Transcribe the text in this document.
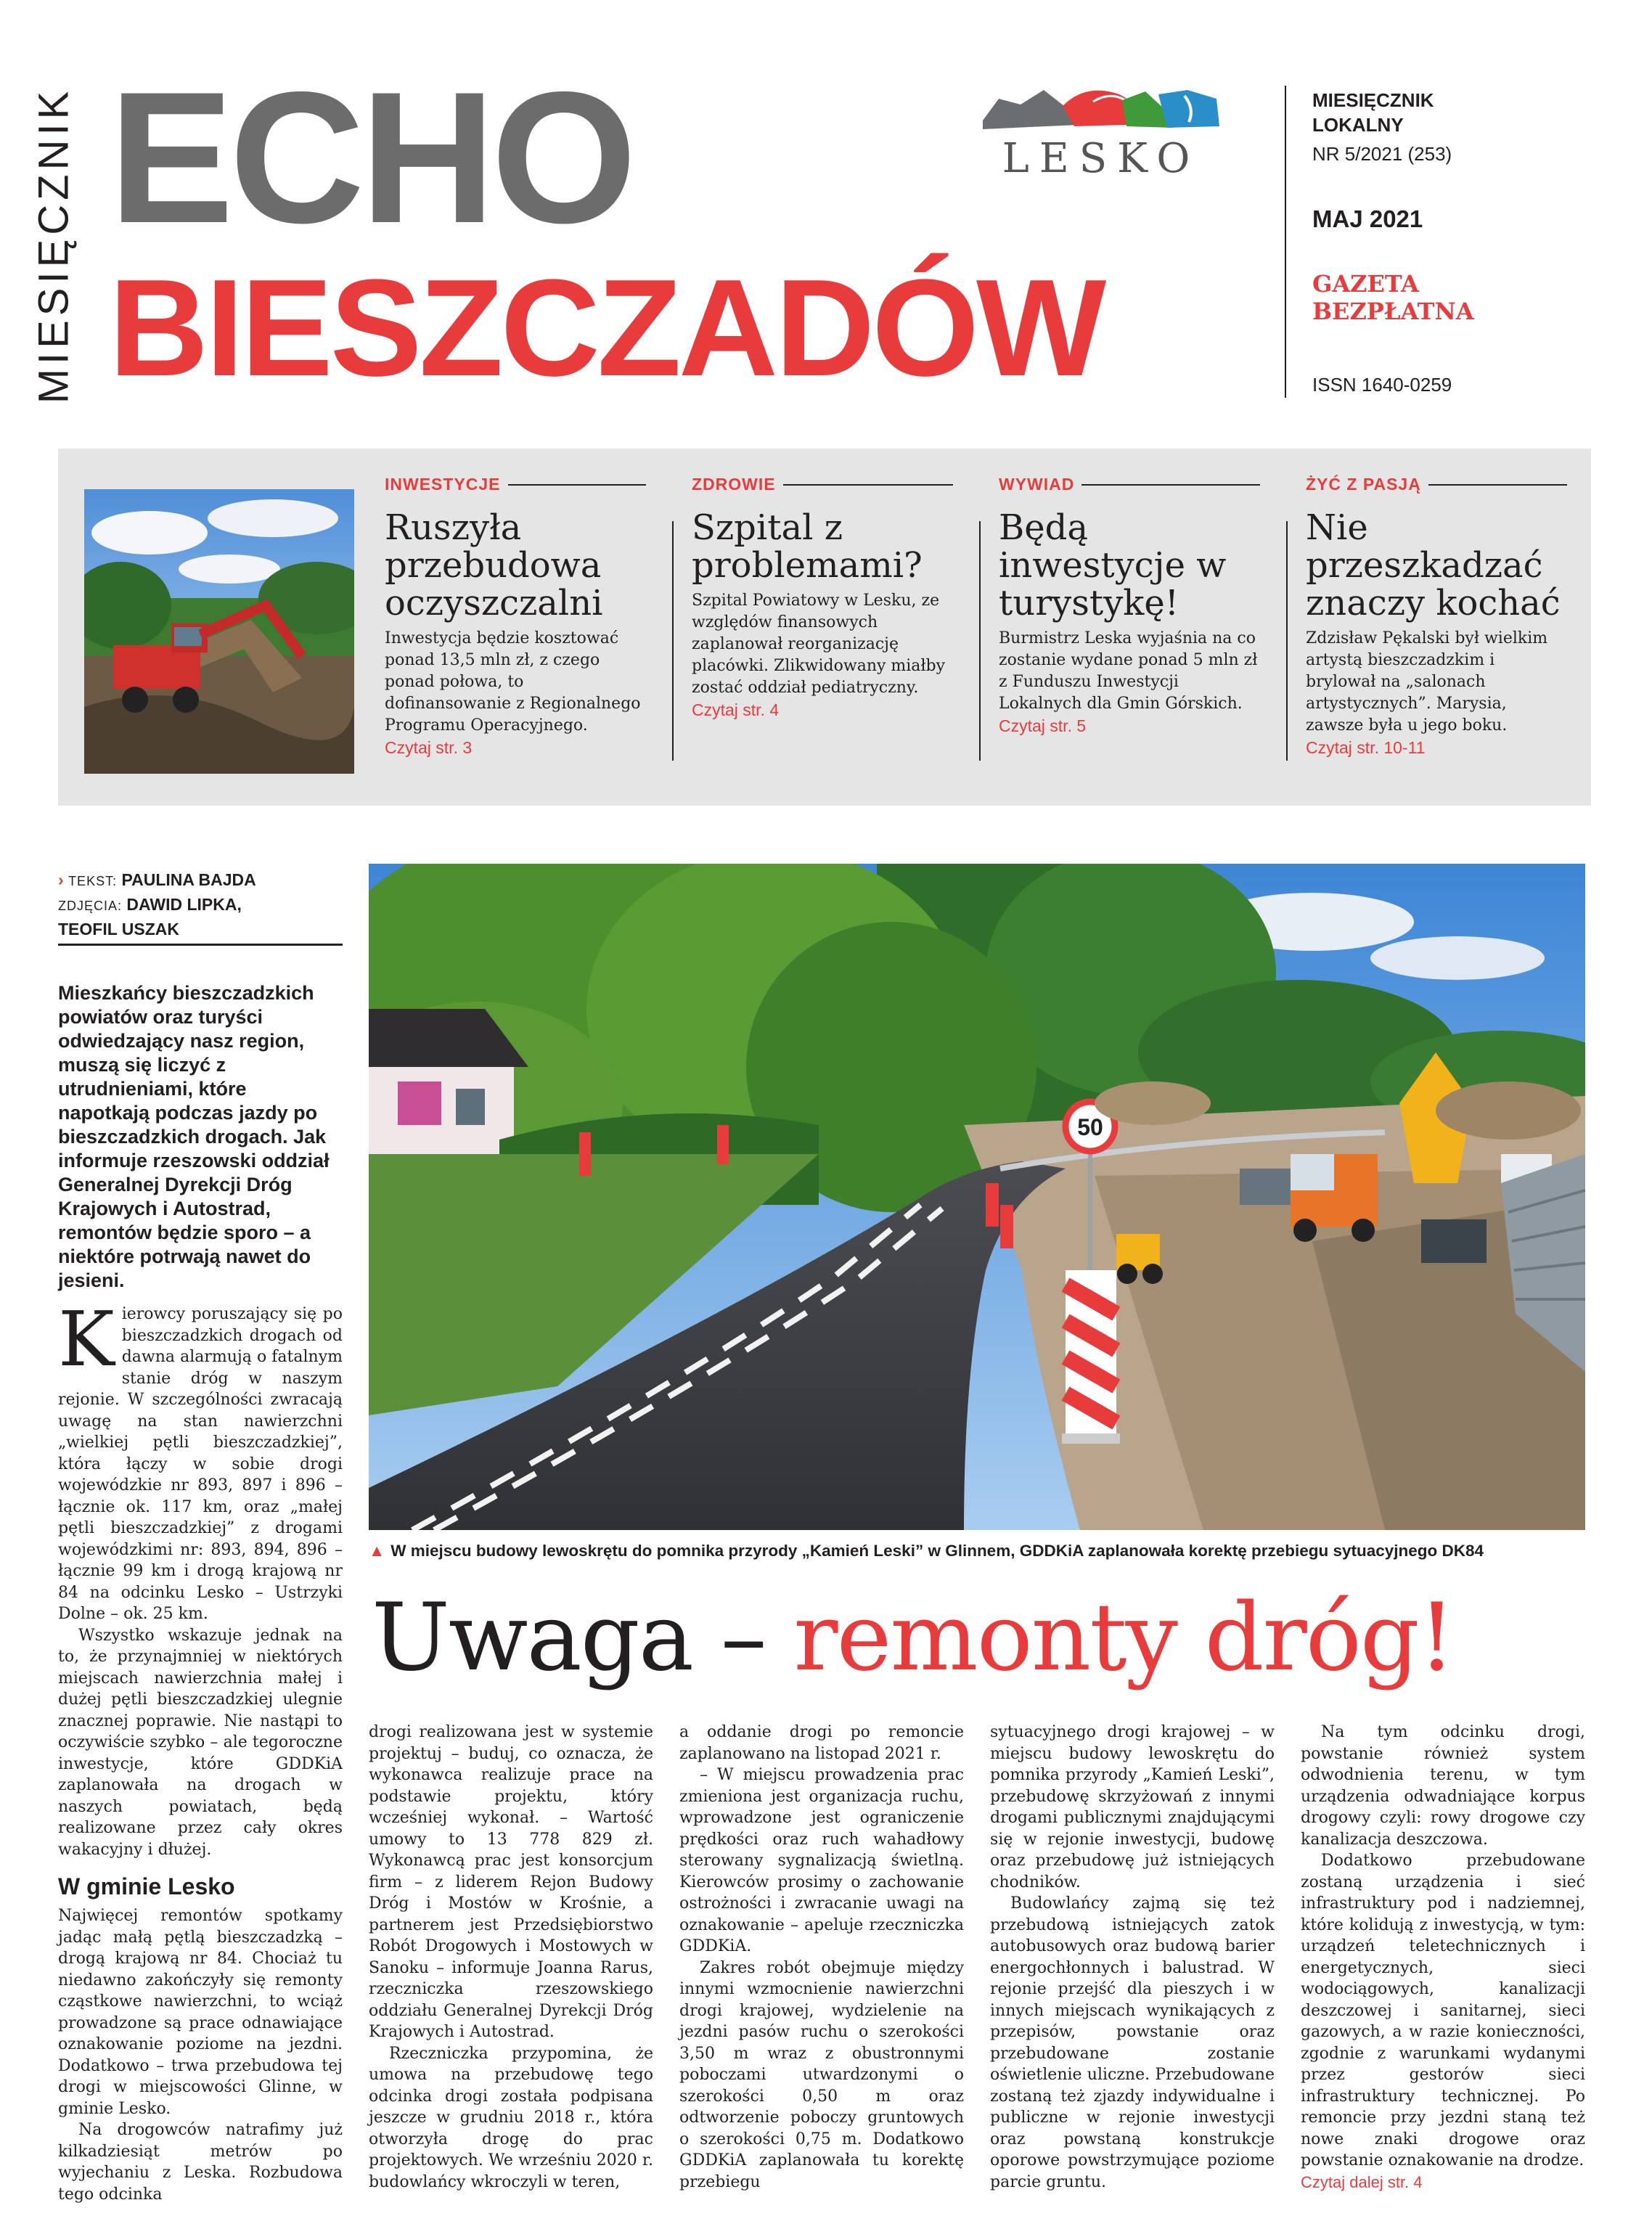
MIESIĘCZNIK ECHO
BIESZCZADÓW
LESKO
MIESIĘCZNIK
LOKALNY
NR 5/2021 (253)
MAJ 2021
GAZETA
BEZPŁATNA
ISSN 1640-0259
INWESTYCJE
Ruszyła przebudowa oczyszczalni

Inwestycja będzie kosztować ponad 13,5 mln zł, z czego ponad połowa, to dofinansowanie z Regionalnego Programu Operacyjnego.
Czytaj str. 3

ZDROWIE
Szpital z problemami?

Szpital Powiatowy w Lesku, ze względów finansowych zaplanował reorganizację placówki. Zlikwidowany miałby zostać oddział pediatryczny.
Czytaj str. 4

WYWIAD
Będą inwestycje w turystykę!

Burmistrz Leska wyjaśnia na co zostanie wydane ponad 5 mln zł z Funduszu Inwestycji Lokalnych dla Gmin Górskich.
Czytaj str. 5

ŻYĆ Z PASJĄ
Nie przeszkadzać znaczy kochać

Zdzisław Pękalski był wielkim artystą bieszczadzkim i brylował na „salonach artystycznych”. Marysia, zawsze była u jego boku.
Czytaj str. 10-11

› TEKST: PAULINA BAJDA
ZDJĘCIA: DAWID LIPKA,
TEOFIL USZAK
Mieszkańcy bieszczadzkich powiatów oraz turyści odwiedzający nasz region, muszą się liczyć z utrudnieniami, które napotkają podczas jazdy po bieszczadzkich drogach. Jak informuje rzeszowski oddział Generalnej Dyrekcji Dróg Krajowych i Autostrad, remontów będzie sporo – a niektóre potrwają nawet do jesieni.

Kierowcy poruszający się po bieszczadzkich drogach od dawna alarmują o fatalnym stanie dróg w naszym rejonie. W szczególności zwracają uwagę na stan nawierzchni „wielkiej pętli bieszczadzkiej”, która łączy w sobie drogi wojewódzkie nr 893, 897 i 896 – łącznie ok. 117 km, oraz „małej pętli bieszczadzkiej” z drogami wojewódzkimi nr: 893, 894, 896 – łącznie 99 km i drogą krajową nr 84 na odcinku Lesko – Ustrzyki Dolne – ok. 25 km.

Wszystko wskazuje jednak na to, że przynajmniej w niektórych miejscach nawierzchnia małej i dużej pętli bieszczadzkiej ulegnie znacznej poprawie. Nie nastąpi to oczywiście szybko – ale tegoroczne inwestycje, które GDDKiA zaplanowała na drogach w naszych powiatach, będą realizowane przez cały okres wakacyjny i dłużej.

W gminie Lesko

Najwięcej remontów spotkamy jadąc małą pętlą bieszczadzką – drogą krajową nr 84. Chociaż tu niedawno zakończyły się remonty cząstkowe nawierzchni, to wciąż prowadzone są prace odnawiające oznakowanie poziome na jezdni. Dodatkowo – trwa przebudowa tej drogi w miejscowości Glinne, w gminie Lesko.

Na drogowców natrafimy już kilkadziesiąt metrów po wyjechaniu z Leska. Rozbudowa tego odcinka

50
▲ W miejscu budowy lewoskrętu do pomnika przyrody „Kamień Leski” w Glinnem, GDDKiA zaplanowała korektę przebiegu sytuacyjnego DK84
Uwaga – remonty dróg!

drogi realizowana jest w systemie projektuj – buduj, co oznacza, że wykonawca realizuje prace na podstawie projektu, który wcześniej wykonał. – Wartość umowy to 13 778 829 zł. Wykonawcą prac jest konsorcjum firm – z liderem Rejon Budowy Dróg i Mostów w Krośnie, a partnerem jest Przedsiębiorstwo Robót Drogowych i Mostowych w Sanoku – informuje Joanna Rarus, rzeczniczka rzeszowskiego oddziału Generalnej Dyrekcji Dróg Krajowych i Autostrad.

Rzeczniczka przypomina, że umowa na przebudowę tego odcinka drogi została podpisana jeszcze w grudniu 2018 r., która otworzyła drogę do prac projektowych. We wrześniu 2020 r. budowlańcy wkroczyli w teren,

a oddanie drogi po remoncie zaplanowano na listopad 2021 r.

– W miejscu prowadzenia prac zmieniona jest organizacja ruchu, wprowadzone jest ograniczenie prędkości oraz ruch wahadłowy sterowany sygnalizacją świetlną. Kierowców prosimy o zachowanie ostrożności i zwracanie uwagi na oznakowanie – apeluje rzeczniczka GDDKiA.

Zakres robót obejmuje między innymi wzmocnienie nawierzchni drogi krajowej, wydzielenie na jezdni pasów ruchu o szerokości 3,50 m wraz z obustronnymi poboczami utwardzonymi o szerokości 0,50 m oraz odtworzenie poboczy gruntowych o szerokości 0,75 m. Dodatkowo GDDKiA zaplanowała tu korektę przebiegu

sytuacyjnego drogi krajowej – w miejscu budowy lewoskrętu do pomnika przyrody „Kamień Leski”, przebudowę skrzyżowań z innymi drogami publicznymi znajdującymi się w rejonie inwestycji, budowę oraz przebudowę już istniejących chodników.

Budowlańcy zajmą się też przebudową istniejących zatok autobusowych oraz budową barier energochłonnych i balustrad. W rejonie przejść dla pieszych i w innych miejscach wynikających z przepisów, powstanie oraz przebudowane zostanie oświetlenie uliczne. Przebudowane zostaną też zjazdy indywidualne i publiczne w rejonie inwestycji oraz powstaną konstrukcje oporowe powstrzymujące poziome parcie gruntu.

Na tym odcinku drogi, powstanie również system odwodnienia terenu, w tym urządzenia odwadniające korpus drogowy czyli: rowy drogowe czy kanalizacja deszczowa.

Dodatkowo przebudowane zostaną urządzenia i sieć infrastruktury pod i nadziemnej, które kolidują z inwestycją, w tym: urządzeń teletechnicznych i energetycznych, sieci wodociągowych, kanalizacji deszczowej i sanitarnej, sieci gazowych, a w razie konieczności, zgodnie z warunkami wydanymi przez gestorów sieci infrastruktury technicznej. Po remoncie przy jezdni staną też nowe znaki drogowe oraz powstanie oznakowanie na drodze.

Czytaj dalej str. 4
